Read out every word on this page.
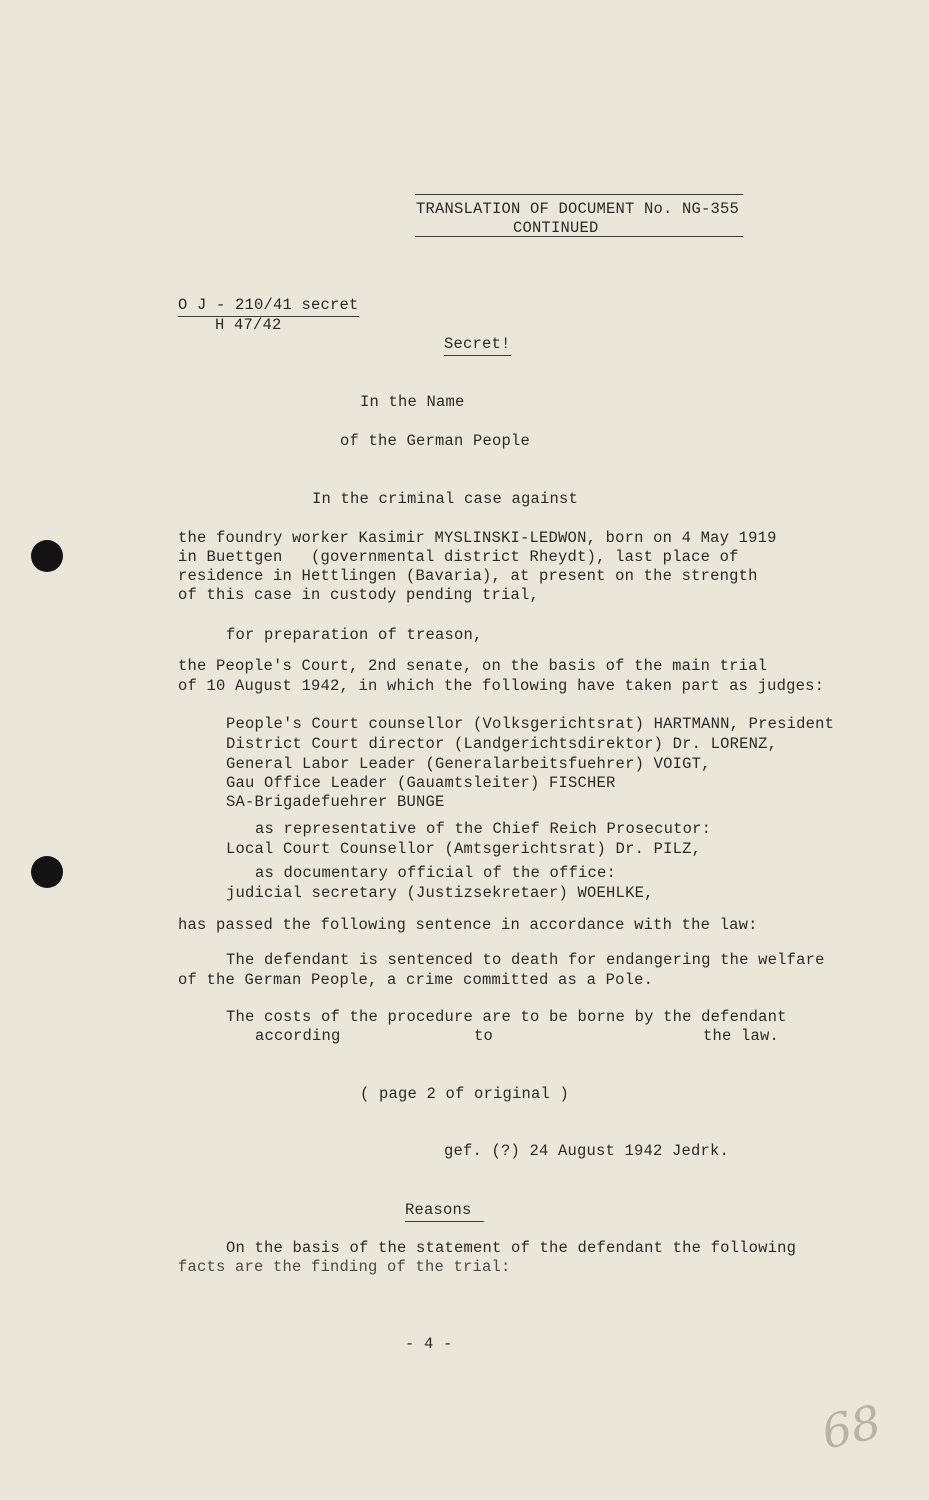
TRANSLATION OF DOCUMENT No. NG-355
CONTINUED
O J - 210/41 secret
H 47/42
Secret!
In the Name
of the German People
In the criminal case against
the foundry worker Kasimir MYSLINSKI-LEDWON, born on 4 May 1919
in Buettgen   (governmental district Rheydt), last place of
residence in Hettlingen (Bavaria), at present on the strength
of this case in custody pending trial,
for preparation of treason,
the People's Court, 2nd senate, on the basis of the main trial
of 10 August 1942, in which the following have taken part as judges:
People's Court counsellor (Volksgerichtsrat) HARTMANN, President
District Court director (Landgerichtsdirektor) Dr. LORENZ,
General Labor Leader (Generalarbeitsfuehrer) VOIGT,
Gau Office Leader (Gauamtsleiter) FISCHER
SA-Brigadefuehrer BUNGE
as representative of the Chief Reich Prosecutor:
Local Court Counsellor (Amtsgerichtsrat) Dr. PILZ,
as documentary official of the office:
judicial secretary (Justizsekretaer) WOEHLKE,
has passed the following sentence in accordance with the law:
The defendant is sentenced to death for endangering the welfare
of the German People, a crime committed as a Pole.
The costs of the procedure are to be borne by the defendant
according	to	the law.
( page 2 of original )
gef. (?) 24 August 1942 Jedrk.
Reasons
On the basis of the statement of the defendant the following
facts are the finding of the trial:
- 4 -
68
